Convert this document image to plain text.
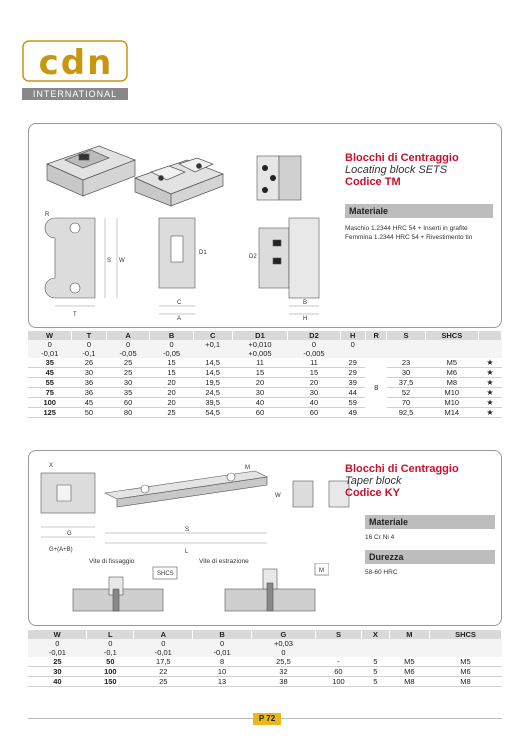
cdn
INTERNATIONAL
R
T
S W
D1
D2
C
A
B
H
Blocchi di Centraggio
Locating block SETS
Codice TM
Materiale
Maschio 1.2344 HRC 54 + Inserti in grafite
Femmina 1.2344 HRC 54 + Rivestimento tin
W	T	A	B	C	D1	D2	H	R	S	SHCS	
0	0	0	0	+0,1	+0,010	0	0				
-0,01	-0,1	-0,05	-0,05		+0,005	-0,005					
35	26	25	15	14,5	11	11	29	8	23	M5	★
45	30	25	15	14,5	15	15	29		30	M6	★
55	36	30	20	19,5	20	20	39		37,5	M8	★
75	36	35	20	24,5	30	30	44		52	M10	★
100	45	60	20	39,5	40	40	59		70	M10	★
125	50	80	25	54,5	60	60	49		92,5	M14	★
X
G
G+(A+B)
S
L
M
W
Blocchi di Centraggio
Taper block
Codice KY
Materiale
16 Cr Ni 4
Durezza
58-60 HRC
Vite di fissaggio	Vite di estrazione
SHCS	M
W	L	A	B	G	S	X	M	SHCS
0	0	0	0	+0,03				
-0,01	-0,1	-0,01	-0,01	0				
25	50	17,5	8	25,5	-	5	M5	M5
30	100	22	10	32	60	5	M6	M6
40	150	25	13	38	100	5	M8	M8
P 72
